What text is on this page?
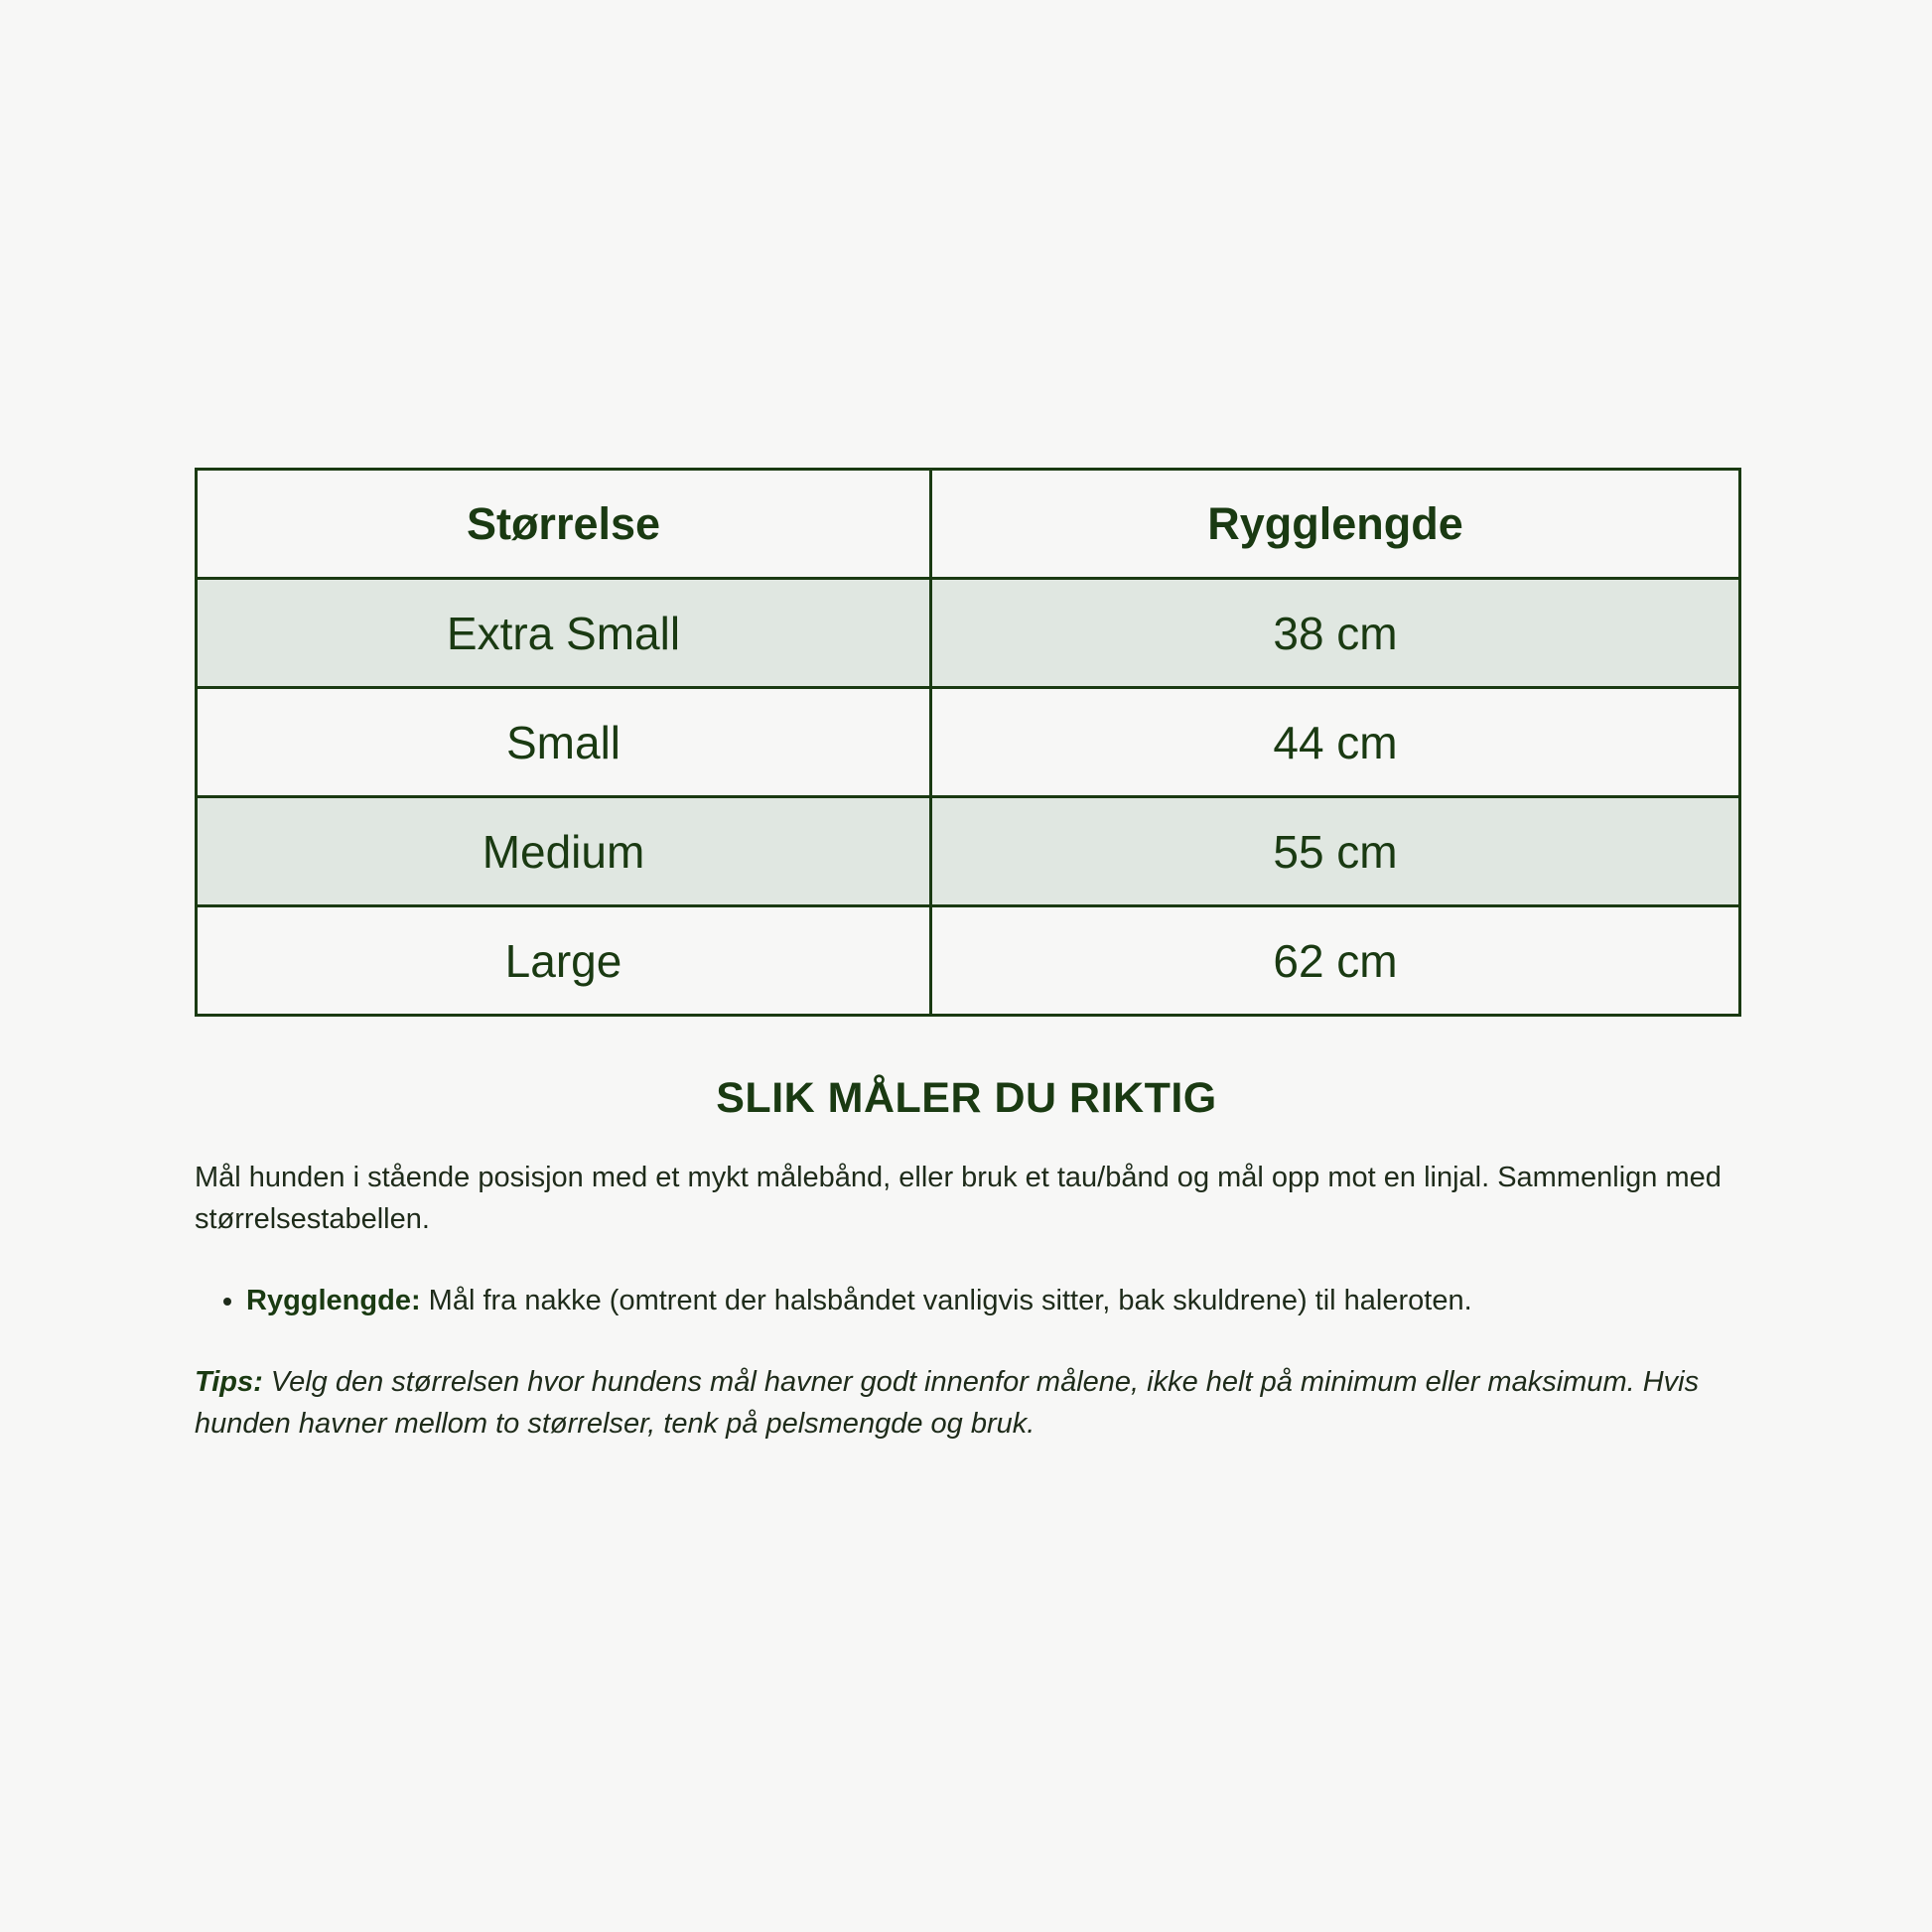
Størrelse	Rygglengde
Extra Small	38 cm
Small	44 cm
Medium	55 cm
Large	62 cm
SLIK MÅLER DU RIKTIG
Mål hunden i stående posisjon med et mykt målebånd, eller bruk et tau/bånd og mål opp mot en linjal. Sammenlign med størrelsestabellen.
• Rygglengde: Mål fra nakke (omtrent der halsbåndet vanligvis sitter, bak skuldrene) til haleroten.
Tips: Velg den størrelsen hvor hundens mål havner godt innenfor målene, ikke helt på minimum eller maksimum. Hvis hunden havner mellom to størrelser, tenk på pelsmengde og bruk.
